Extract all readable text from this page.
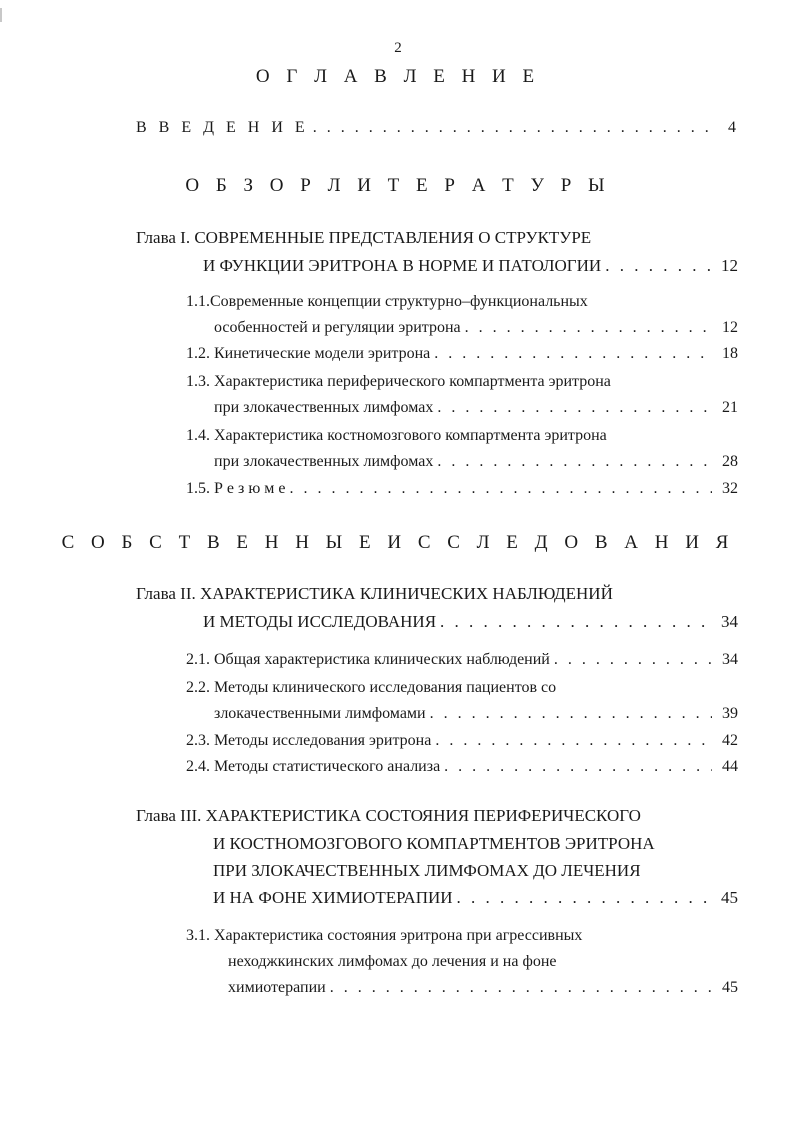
2
О Г Л А В Л Е Н И Е
В В Е Д Е Н И Е . . .	4
О Б З О Р Л И Т Е Р А Т У Р Ы
Глава I. СОВРЕМЕННЫЕ ПРЕДСТАВЛЕНИЯ О СТРУКТУРЕ
И ФУНКЦИИ ЭРИТРОНА В НОРМЕ И ПАТОЛОГИИ . . .	12
1.1.Современные концепции структурно–функциональных
особенностей и регуляции эритрона . . .	12
1.2. Кинетические модели эритрона . . .	18
1.3. Характеристика периферического компартмента эритрона
при злокачественных лимфомах . . .	21
1.4. Характеристика костномозгового компартмента эритрона
при злокачественных лимфомах . . .	28
1.5. Р е з ю м е . . .	32
С О Б С Т В Е Н Н Ы Е И С С Л Е Д О В А Н И Я
Глава II. ХАРАКТЕРИСТИКА КЛИНИЧЕСКИХ НАБЛЮДЕНИЙ
И МЕТОДЫ ИССЛЕДОВАНИЯ . . .	34
2.1. Общая характеристика клинических наблюдений . . .	34
2.2. Методы клинического исследования пациентов со
злокачественными лимфомами . . .	39
2.3. Методы исследования эритрона . . .	42
2.4. Методы статистического анализа . . .	44
Глава III. ХАРАКТЕРИСТИКА СОСТОЯНИЯ ПЕРИФЕРИЧЕСКОГО
И КОСТНОМОЗГОВОГО КОМПАРТМЕНТОВ ЭРИТРОНА
ПРИ ЗЛОКАЧЕСТВЕННЫХ ЛИМФОМАХ ДО ЛЕЧЕНИЯ
И НА ФОНЕ ХИМИОТЕРАПИИ . . .	45
3.1. Характеристика состояния эритрона при агрессивных
неходжкинских лимфомах до лечения и на фоне
химиотерапии . . .	45
